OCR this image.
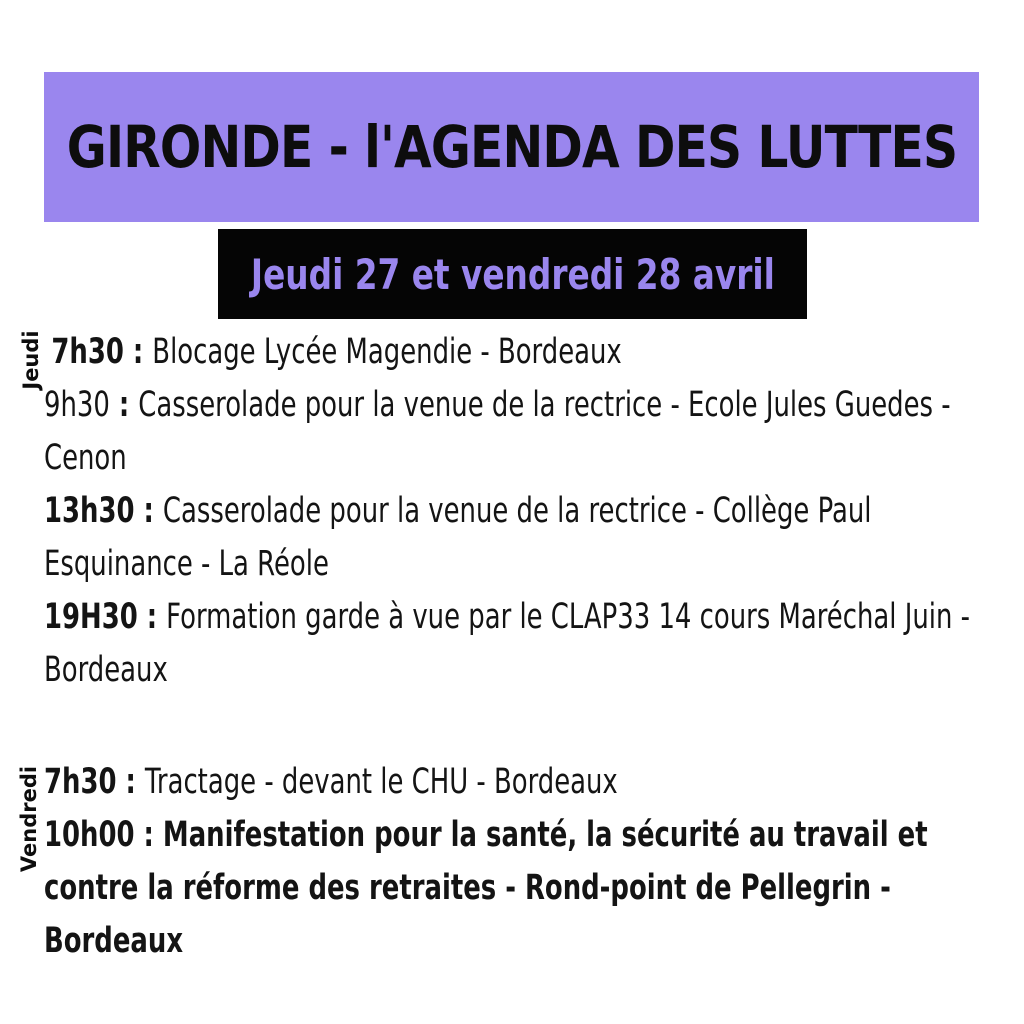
GIRONDE - l'AGENDA DES LUTTES
Jeudi 27 et vendredi 28 avril
Jeudi 7h30 : Blocage Lycée Magendie - Bordeaux
9h30 : Casserolade pour la venue de la rectrice - Ecole Jules Guedes - Cenon
13h30 : Casserolade pour la venue de la rectrice - Collège Paul Esquinance - La Réole
19H30 : Formation garde à vue par le CLAP33 14 cours Maréchal Juin - Bordeaux
Vendredi 7h30 : Tractage - devant le CHU - Bordeaux
10h00 : Manifestation pour la santé, la sécurité au travail et contre la réforme des retraites - Rond-point de Pellegrin - Bordeaux
